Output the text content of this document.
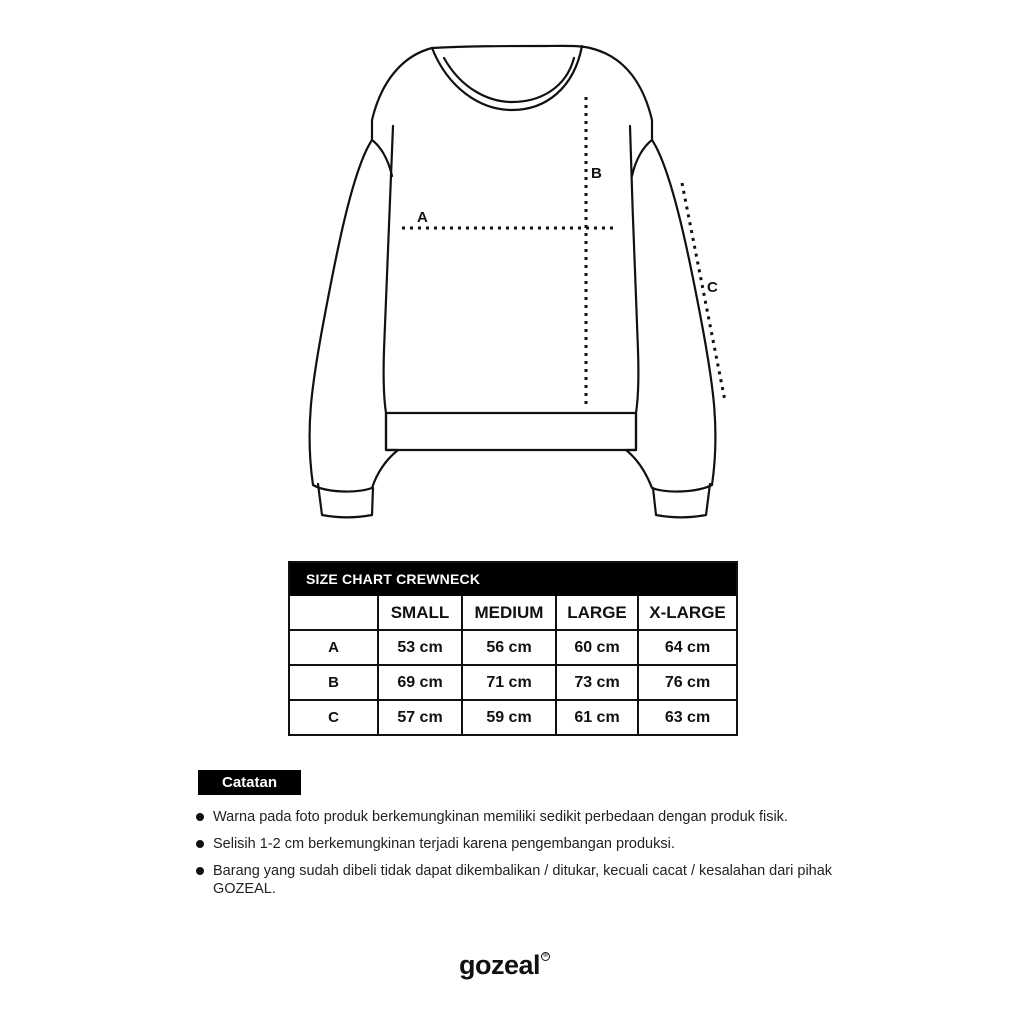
A
B
C
SIZE CHART CREWNECK
	SMALL	MEDIUM	LARGE	X-LARGE
A	53 cm	56 cm	60 cm	64 cm
B	69 cm	71 cm	73 cm	76 cm
C	57 cm	59 cm	61 cm	63 cm
Catatan
Warna pada foto produk berkemungkinan memiliki sedikit perbedaan dengan produk fisik.
Selisih 1-2 cm berkemungkinan terjadi karena pengembangan produksi.
Barang yang sudah dibeli tidak dapat dikembalikan / ditukar, kecuali cacat / kesalahan dari pihak GOZEAL.
gozeal ®
